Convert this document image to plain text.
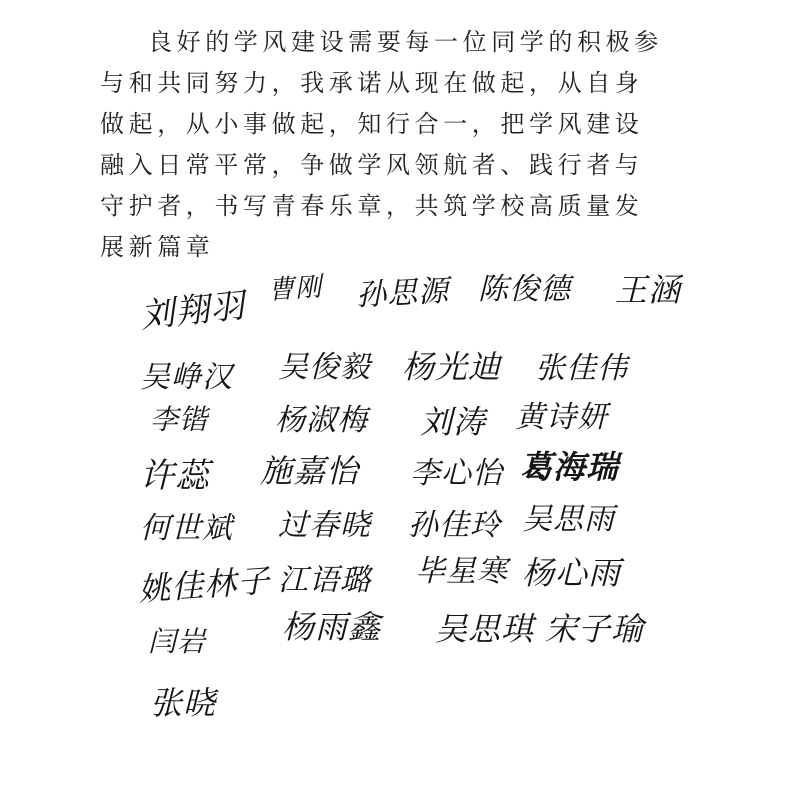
良好的学风建设需要每一位同学的积极参与和共同努力，我承诺从现在做起，从自身做起，从小事做起，知行合一，把学风建设融入日常平常，争做学风领航者、践行者与守护者，书写青春乐章，共筑学校高质量发展新篇章

刘翔羽 曹刚 孙思源 陈俊德 王涵
吴峥汉 吴俊毅 杨光迪 张佳伟
李锴 杨淑梅 刘涛 黄诗妍
许蕊 施嘉怡 李心怡 葛海瑞
何世斌 过春晓 孙佳玲 吴思雨
姚佳林子 江语璐 毕星寒 杨心雨
闫岩 杨雨鑫 吴思琪 宋子瑜
张晓
